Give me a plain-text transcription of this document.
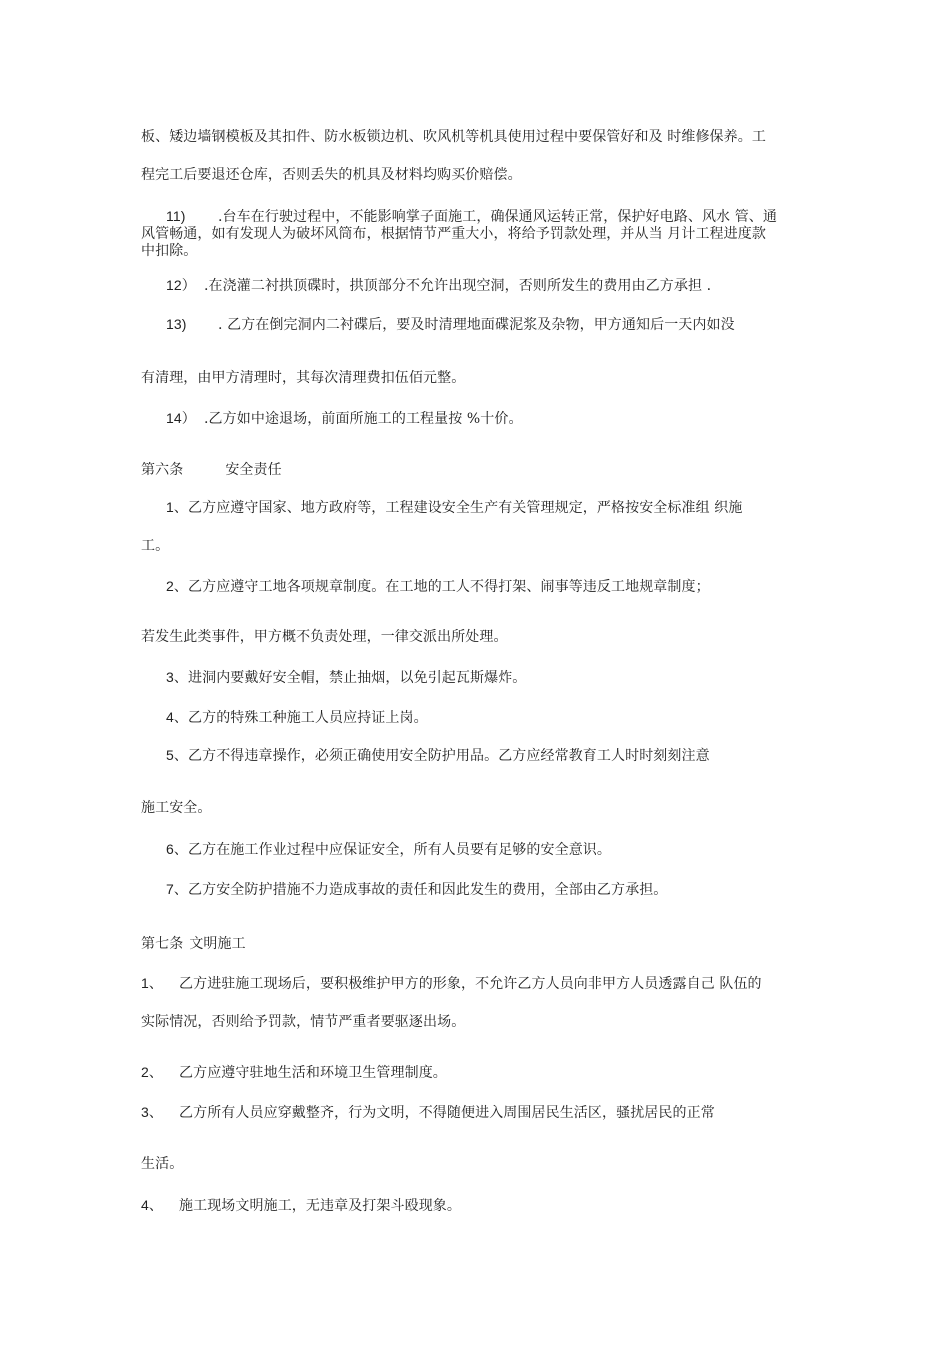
板、矮边墙钢模板及其扣件、防水板锁边机、吹风机等机具使用过程中要保管好和及 时维修保养。工
程完工后要退还仓库，否则丢失的机具及材料均购买价赔偿。
11) .台车在行驶过程中，不能影响掌子面施工，确保通风运转正常，保护好电路、风水 管、通
风管畅通，如有发现人为破坏风筒布，根据情节严重大小，将给予罚款处理，并从当 月计工程进度款
中扣除。
12） .在浇灌二衬拱顶碟时，拱顶部分不允许出现空洞，否则所发生的费用由乙方承担 .
13) . 乙方在倒完洞内二衬碟后，要及时清理地面碟泥浆及杂物，甲方通知后一天内如没
有清理，由甲方清理时，其每次清理费扣伍佰元整。
14） .乙方如中途退场，前面所施工的工程量按 %十价。
第六条	安全责任
1、乙方应遵守国家、地方政府等，工程建设安全生产有关管理规定，严格按安全标准组 织施
工。
2、乙方应遵守工地各项规章制度。在工地的工人不得打架、闹事等违反工地规章制度；
若发生此类事件，甲方概不负责处理，一律交派出所处理。
3、进洞内要戴好安全帽，禁止抽烟，以免引起瓦斯爆炸。
4、乙方的特殊工种施工人员应持证上岗。
5、乙方不得违章操作，必须正确使用安全防护用品。乙方应经常教育工人时时刻刻注意
施工安全。
6、乙方在施工作业过程中应保证安全，所有人员要有足够的安全意识。
7、乙方安全防护措施不力造成事故的责任和因此发生的费用，全部由乙方承担。
第七条 文明施工
1、 乙方进驻施工现场后，要积极维护甲方的形象，不允许乙方人员向非甲方人员透露自己 队伍的
实际情况，否则给予罚款，情节严重者要驱逐出场。
2、 乙方应遵守驻地生活和环境卫生管理制度。
3、 乙方所有人员应穿戴整齐，行为文明，不得随便进入周围居民生活区，骚扰居民的正常
生活。
4、 施工现场文明施工，无违章及打架斗殴现象。
